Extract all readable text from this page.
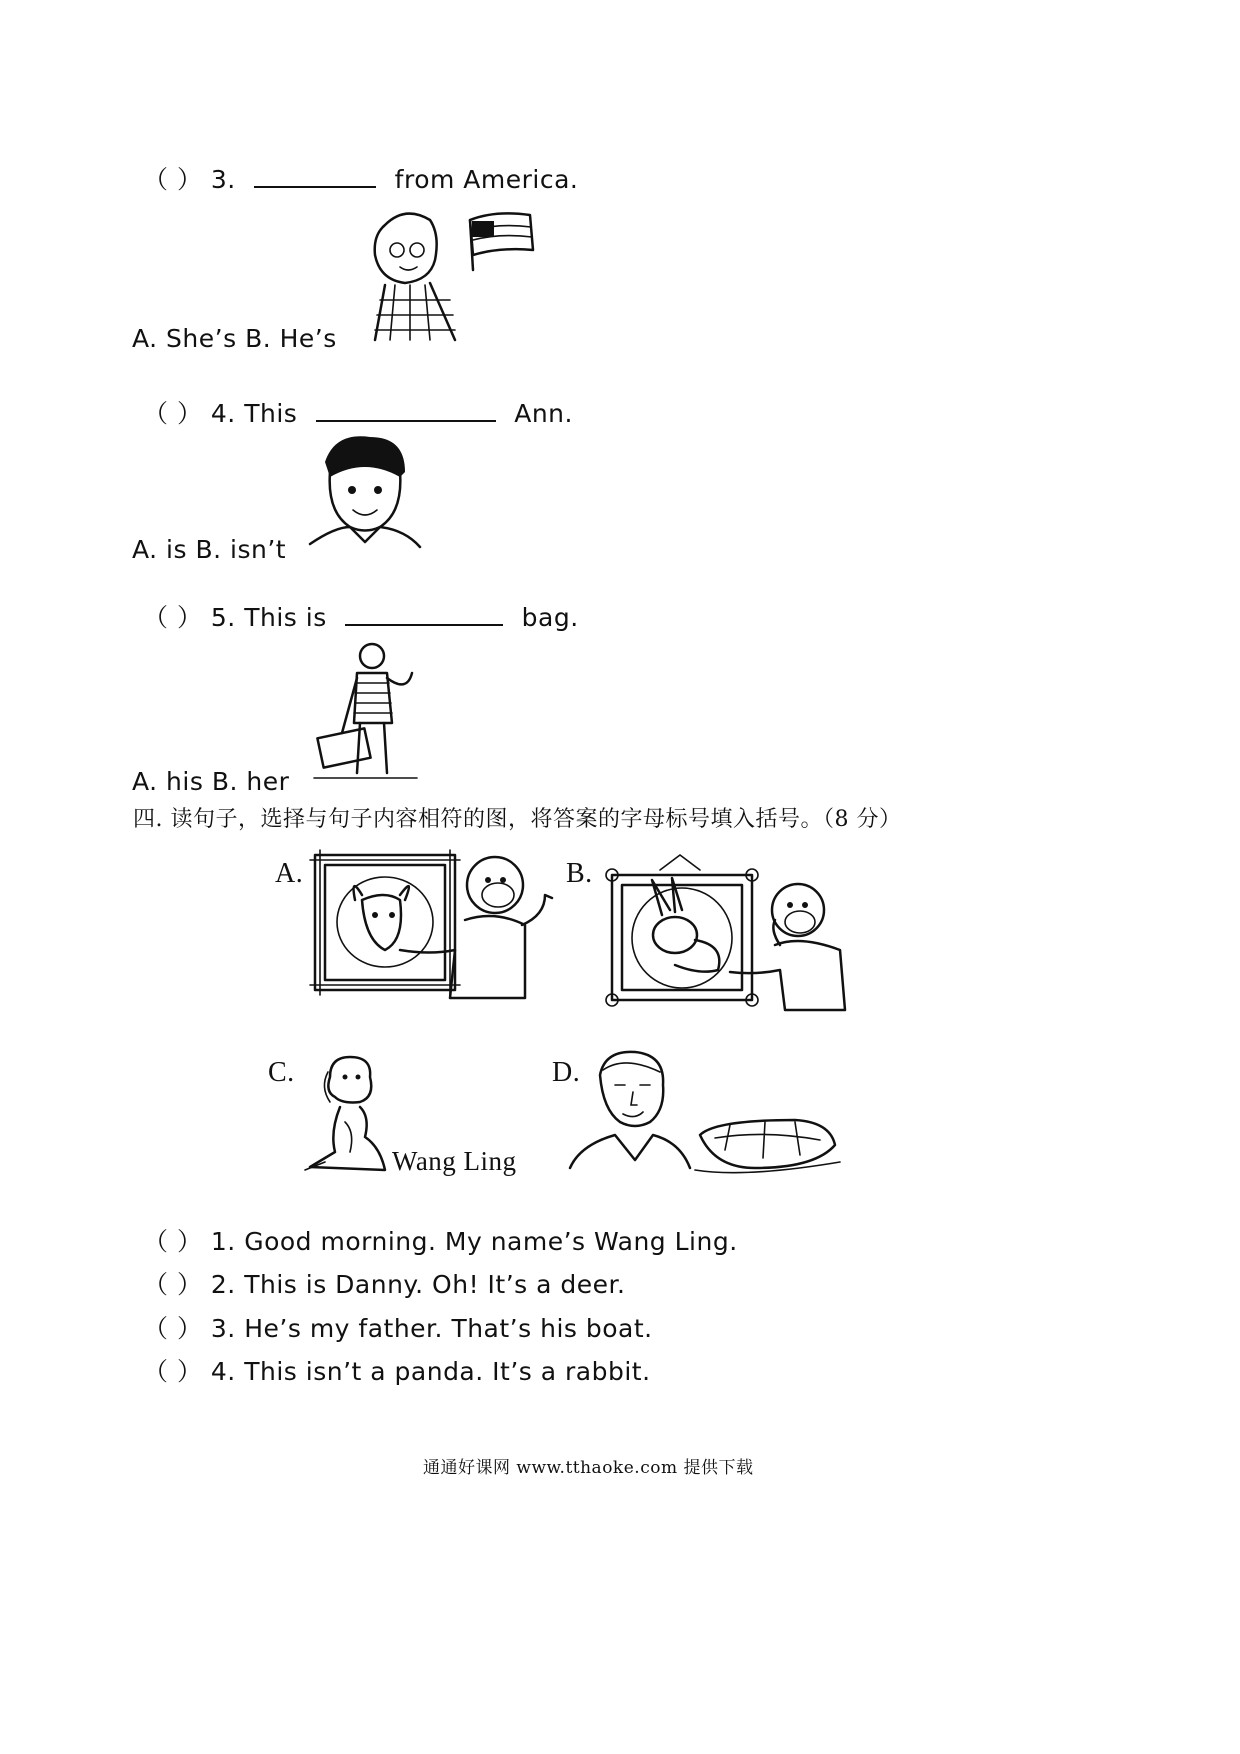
（ ） 3.	from America.
A. She’s B. He’s
（ ） 4. This	Ann.
A. is B. isn’t
（ ） 5. This is	bag.
A. his B. her
四. 读句子，选择与句子内容相符的图，将答案的字母标号填入括号。（8 分）
A.	B.
C.
Wang Ling
D.
（ ） 1. Good morning. My name’s Wang Ling.
（ ） 2. This is Danny. Oh! It’s a deer.
（ ） 3. He’s my father. That’s his boat.
（ ） 4. This isn’t a panda. It’s a rabbit.
通通好课网 www.tthaoke.com 提供下载
